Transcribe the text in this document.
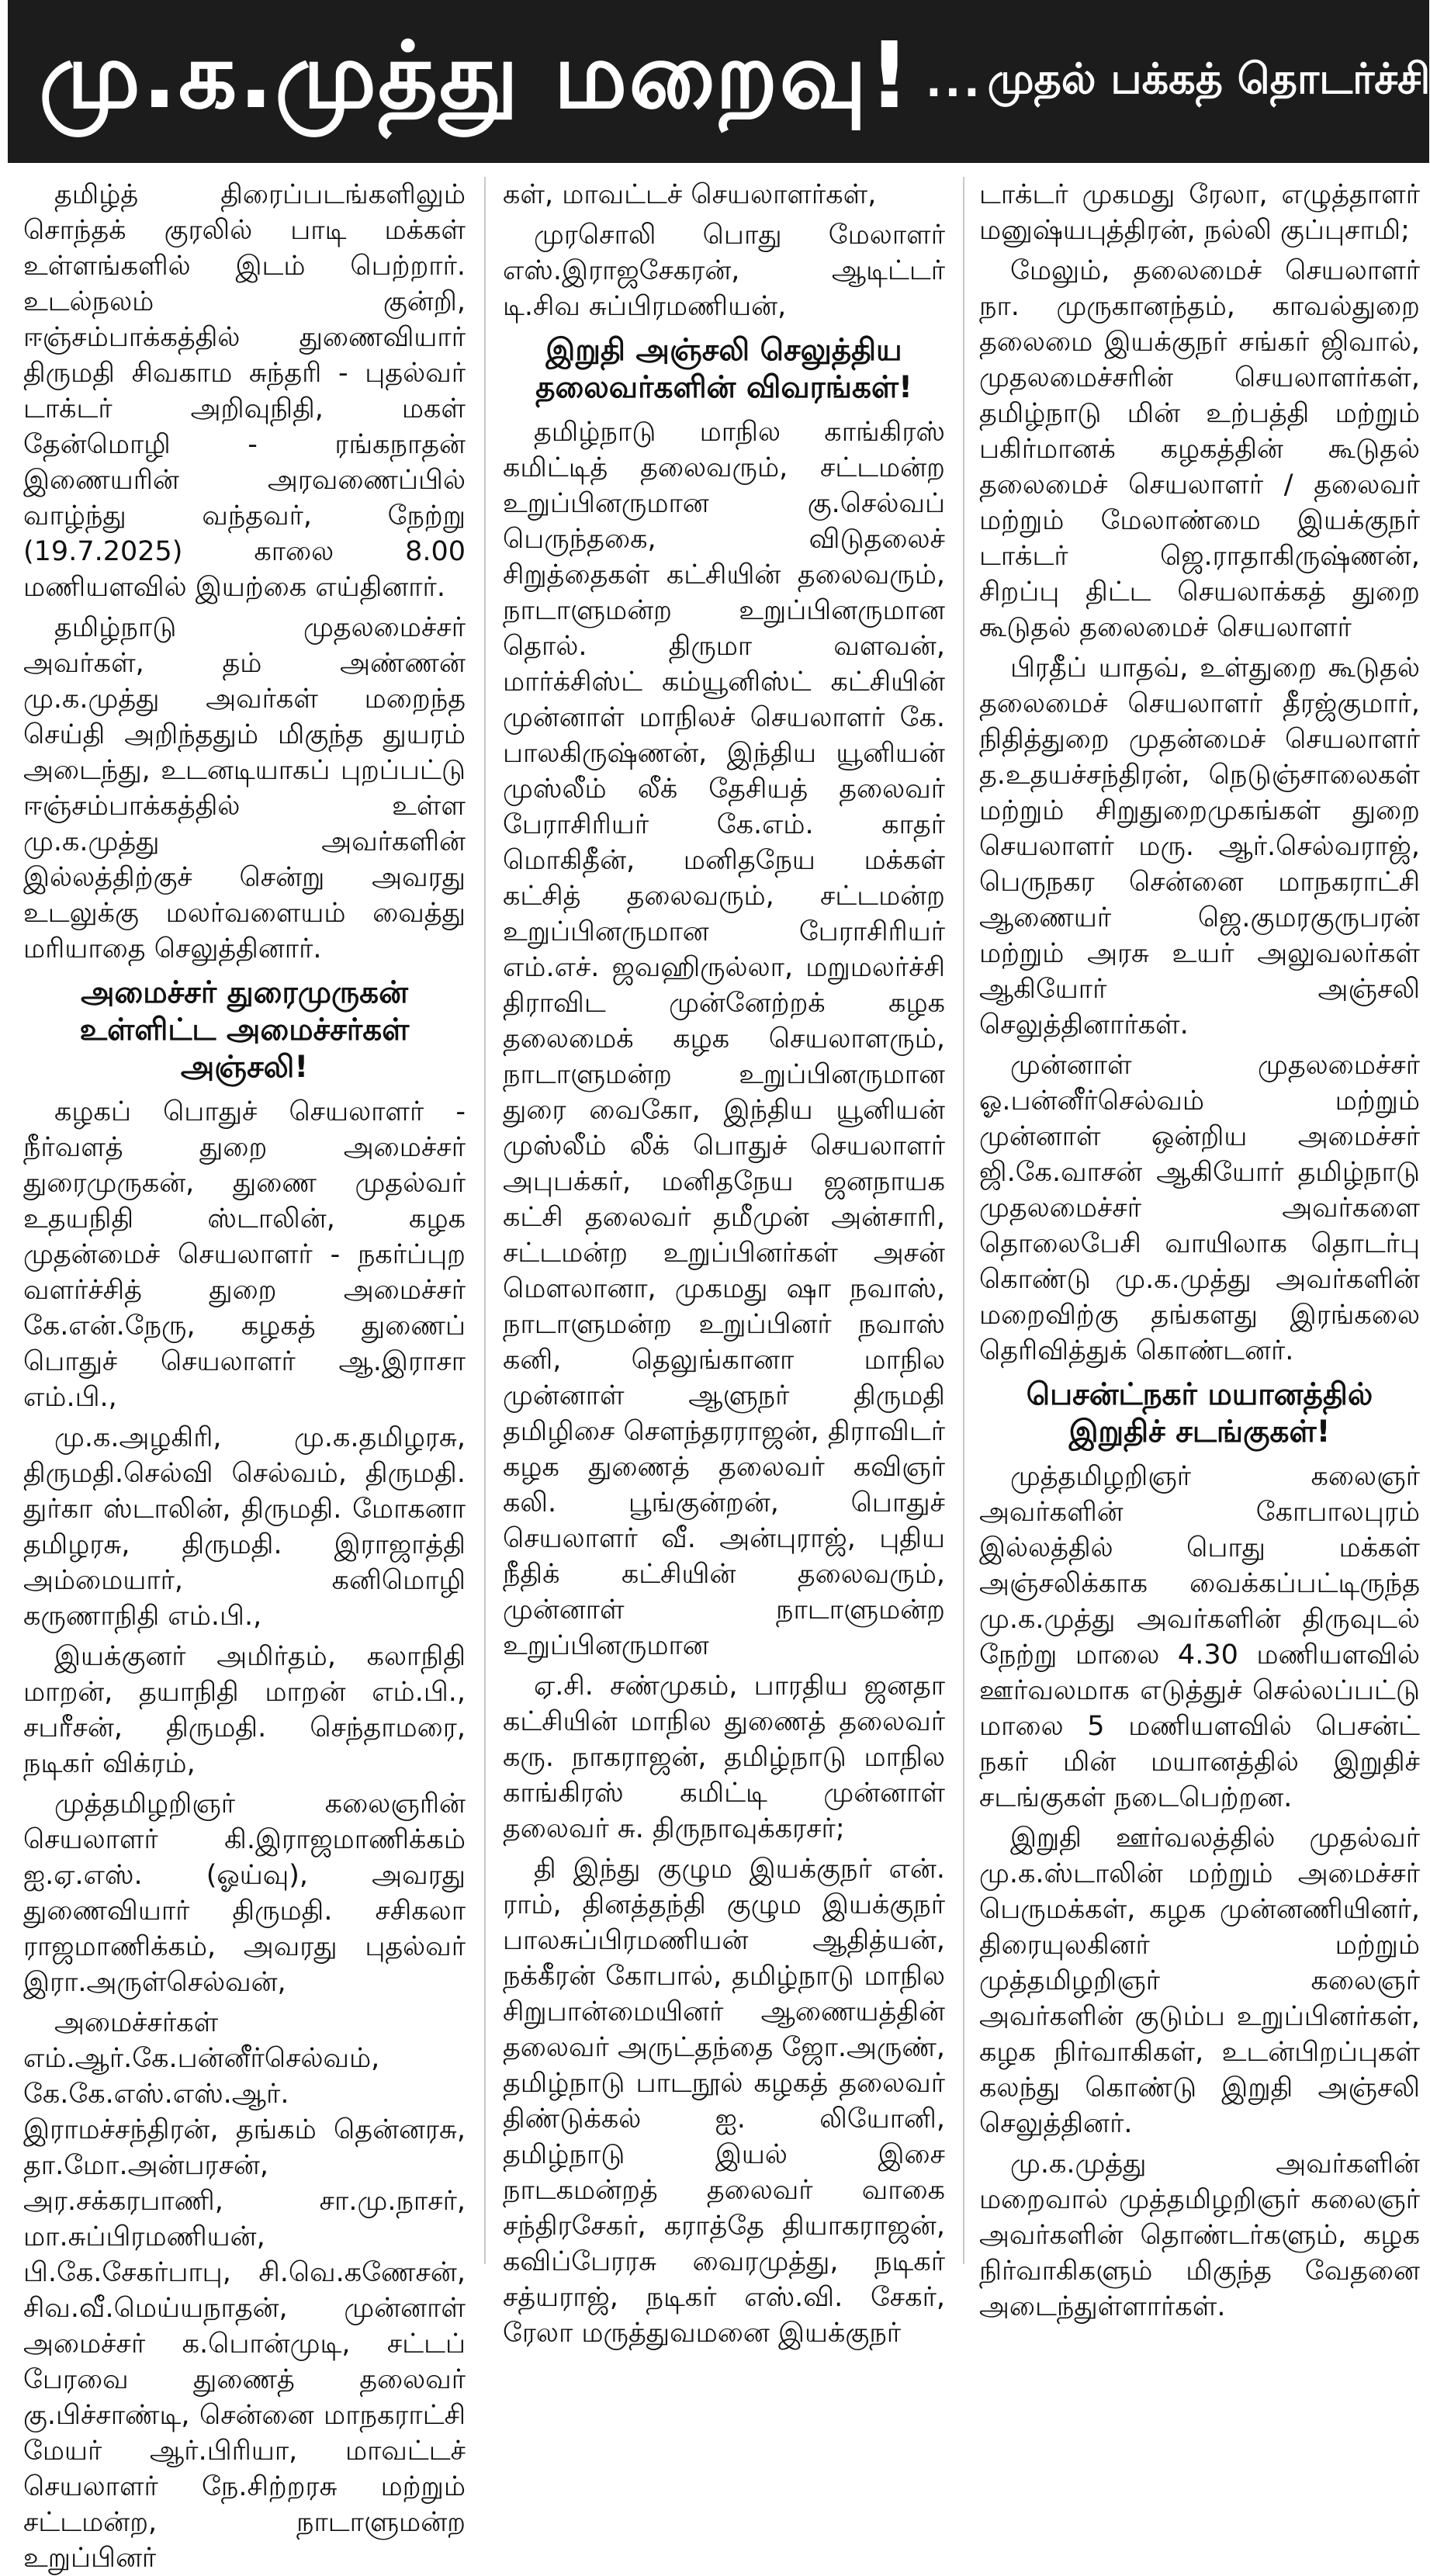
மு.க.முத்து மறைவு! ... முதல் பக்கத் தொடர்ச்சி

தமிழ்த் திரைப்படங்களிலும் சொந்தக் குரலில் பாடி மக்கள் உள்ளங்களில் இடம் பெற்றார். உடல்நலம் குன்றி, ஈஞ்சம்பாக்கத்தில் துணைவியார் திருமதி சிவகாம சுந்தரி - புதல்வர் டாக்டர் அறிவுநிதி, மகள் தேன்மொழி - ரங்கநாதன் இணையரின் அரவணைப்பில் வாழ்ந்து வந்தவர், நேற்று (19.7.2025) காலை 8.00 மணியளவில் இயற்கை எய்தினார்.

தமிழ்நாடு முதலமைச்சர் அவர்கள், தம் அண்ணன் மு.க.முத்து அவர்கள் மறைந்த செய்தி அறிந்ததும் மிகுந்த துயரம் அடைந்து, உடனடியாகப் புறப்பட்டு ஈஞ்சம்பாக்கத்தில் உள்ள மு.க.முத்து அவர்களின் இல்லத்திற்குச் சென்று அவரது உடலுக்கு மலர்வளையம் வைத்து மரியாதை செலுத்தினார்.

அமைச்சர் துரைமுருகன் உள்ளிட்ட அமைச்சர்கள் அஞ்சலி!

கழகப் பொதுச் செயலாளர் - நீர்வளத் துறை அமைச்சர் துரைமுருகன், துணை முதல்வர் உதயநிதி ஸ்டாலின், கழக முதன்மைச் செயலாளர் - நகர்ப்புற வளர்ச்சித் துறை அமைச்சர் கே.என்.நேரு, கழகத் துணைப் பொதுச் செயலாளர் ஆ.இராசா எம்.பி.,

மு.க.அழகிரி, மு.க.தமிழரசு, திருமதி.செல்வி செல்வம், திருமதி. துர்கா ஸ்டாலின், திருமதி. மோகனா தமிழரசு, திருமதி. இராஜாத்தி அம்மையார், கனிமொழி கருணாநிதி எம்.பி.,

இயக்குனர் அமிர்தம், கலாநிதி மாறன், தயாநிதி மாறன் எம்.பி., சபரீசன், திருமதி. செந்தாமரை, நடிகர் விக்ரம்,

முத்தமிழறிஞர் கலைஞரின் செயலாளர் கி.இராஜமாணிக்கம் ஐ.ஏ.எஸ். (ஓய்வு), அவரது துணைவியார் திருமதி. சசிகலா ராஜமாணிக்கம், அவரது புதல்வர் இரா.அருள்செல்வன்,

அமைச்சர்கள் எம்.ஆர்.கே.பன்னீர்செல்வம், கே.கே.எஸ்.எஸ்.ஆர். இராமச்சந்திரன், தங்கம் தென்னரசு, தா.மோ.அன்பரசன், அர.சக்கரபாணி, சா.மு.நாசர், மா.சுப்பிரமணியன், பி.கே.சேகர்பாபு, சி.வெ.கணேசன், சிவ.வீ.மெய்யநாதன், முன்னாள் அமைச்சர் க.பொன்முடி, சட்டப் பேரவை துணைத் தலைவர் கு.பிச்சாண்டி, சென்னை மாநகராட்சி மேயர் ஆர்.பிரியா, மாவட்டச் செயலாளர் நே.சிற்றரசு மற்றும் சட்டமன்ற, நாடாளுமன்ற உறுப்பினர்

கள், மாவட்டச் செயலாளர்கள்,

முரசொலி பொது மேலாளர் எஸ்.இராஜசேகரன், ஆடிட்டர் டி.சிவ சுப்பிரமணியன்,

இறுதி அஞ்சலி செலுத்திய தலைவர்களின் விவரங்கள்!

தமிழ்நாடு மாநில காங்கிரஸ் கமிட்டித் தலைவரும், சட்டமன்ற உறுப்பினருமான கு.செல்வப் பெருந்தகை, விடுதலைச் சிறுத்தைகள் கட்சியின் தலைவரும், நாடாளுமன்ற உறுப்பினருமான தொல். திருமா வளவன், மார்க்சிஸ்ட் கம்யூனிஸ்ட் கட்சியின் முன்னாள் மாநிலச் செயலாளர் கே. பாலகிருஷ்ணன், இந்திய யூனியன் முஸ்லீம் லீக் தேசியத் தலைவர் பேராசிரியர் கே.எம். காதர் மொகிதீன், மனிதநேய மக்கள் கட்சித் தலைவரும், சட்டமன்ற உறுப்பினருமான பேராசிரியர் எம்.எச். ஜவஹிருல்லா, மறுமலர்ச்சி திராவிட முன்னேற்றக் கழக தலைமைக் கழக செயலாளரும், நாடாளுமன்ற உறுப்பினருமான துரை வைகோ, இந்திய யூனியன் முஸ்லீம் லீக் பொதுச் செயலாளர் அபுபக்கர், மனிதநேய ஜனநாயக கட்சி தலைவர் தமீமுன் அன்சாரி, சட்டமன்ற உறுப்பினர்கள் அசன் மௌலானா, முகமது ஷா நவாஸ், நாடாளுமன்ற உறுப்பினர் நவாஸ் கனி, தெலுங்கானா மாநில முன்னாள் ஆளுநர் திருமதி தமிழிசை சௌந்தரராஜன், திராவிடர் கழக துணைத் தலைவர் கவிஞர் கலி. பூங்குன்றன், பொதுச் செயலாளர் வீ. அன்புராஜ், புதிய நீதிக் கட்சியின் தலைவரும், முன்னாள் நாடாளுமன்ற உறுப்பினருமான

ஏ.சி. சண்முகம், பாரதிய ஜனதா கட்சியின் மாநில துணைத் தலைவர் கரு. நாகராஜன், தமிழ்நாடு மாநில காங்கிரஸ் கமிட்டி முன்னாள் தலைவர் சு. திருநாவுக்கரசர்;

தி இந்து குழும இயக்குநர் என். ராம், தினத்தந்தி குழும இயக்குநர் பாலசுப்பிரமணியன் ஆதித்யன், நக்கீரன் கோபால், தமிழ்நாடு மாநில சிறுபான்மையினர் ஆணையத்தின் தலைவர் அருட்தந்தை ஜோ.அருண், தமிழ்நாடு பாடநூல் கழகத் தலைவர் திண்டுக்கல் ஐ. லியோனி, தமிழ்நாடு இயல் இசை நாடகமன்றத் தலைவர் வாகை சந்திரசேகர், கராத்தே தியாகராஜன், கவிப்பேரரசு வைரமுத்து, நடிகர் சத்யராஜ், நடிகர் எஸ்.வி. சேகர், ரேலா மருத்துவமனை இயக்குநர்

டாக்டர் முகமது ரேலா, எழுத்தாளர் மனுஷ்யபுத்திரன், நல்லி குப்புசாமி;

மேலும், தலைமைச் செயலாளர் நா. முருகானந்தம், காவல்துறை தலைமை இயக்குநர் சங்கர் ஜிவால், முதலமைச்சரின் செயலாளர்கள், தமிழ்நாடு மின் உற்பத்தி மற்றும் பகிர்மானக் கழகத்தின் கூடுதல் தலைமைச் செயலாளர் / தலைவர் மற்றும் மேலாண்மை இயக்குநர் டாக்டர் ஜெ.ராதாகிருஷ்ணன், சிறப்பு திட்ட செயலாக்கத் துறை கூடுதல் தலைமைச் செயலாளர்

பிரதீப் யாதவ், உள்துறை கூடுதல் தலைமைச் செயலாளர் தீரஜ்குமார், நிதித்துறை முதன்மைச் செயலாளர் த.உதயச்சந்திரன், நெடுஞ்சாலைகள் மற்றும் சிறுதுறைமுகங்கள் துறை செயலாளர் மரு. ஆர்.செல்வராஜ், பெருநகர சென்னை மாநகராட்சி ஆணையர் ஜெ.குமரகுருபரன் மற்றும் அரசு உயர் அலுவலர்கள் ஆகியோர் அஞ்சலி செலுத்தினார்கள்.

முன்னாள் முதலமைச்சர் ஓ.பன்னீர்செல்வம் மற்றும் முன்னாள் ஒன்றிய அமைச்சர் ஜி.கே.வாசன் ஆகியோர் தமிழ்நாடு முதலமைச்சர் அவர்களை தொலைபேசி வாயிலாக தொடர்பு கொண்டு மு.க.முத்து அவர்களின் மறைவிற்கு தங்களது இரங்கலை தெரிவித்துக் கொண்டனர்.

பெசன்ட்நகர் மயானத்தில் இறுதிச் சடங்குகள்!

முத்தமிழறிஞர் கலைஞர் அவர்களின் கோபாலபுரம் இல்லத்தில் பொது மக்கள் அஞ்சலிக்காக வைக்கப்பட்டிருந்த மு.க.முத்து அவர்களின் திருவுடல் நேற்று மாலை 4.30 மணியளவில் ஊர்வலமாக எடுத்துச் செல்லப்பட்டு மாலை 5 மணியளவில் பெசன்ட் நகர் மின் மயானத்தில் இறுதிச் சடங்குகள் நடைபெற்றன.

இறுதி ஊர்வலத்தில் முதல்வர் மு.க.ஸ்டாலின் மற்றும் அமைச்சர் பெருமக்கள், கழக முன்னணியினர், திரையுலகினர் மற்றும் முத்தமிழறிஞர் கலைஞர் அவர்களின் குடும்ப உறுப்பினர்கள், கழக நிர்வாகிகள், உடன்பிறப்புகள் கலந்து கொண்டு இறுதி அஞ்சலி செலுத்தினர்.

மு.க.முத்து அவர்களின் மறைவால் முத்தமிழறிஞர் கலைஞர் அவர்களின் தொண்டர்களும், கழக நிர்வாகிகளும் மிகுந்த வேதனை அடைந்துள்ளார்கள்.
